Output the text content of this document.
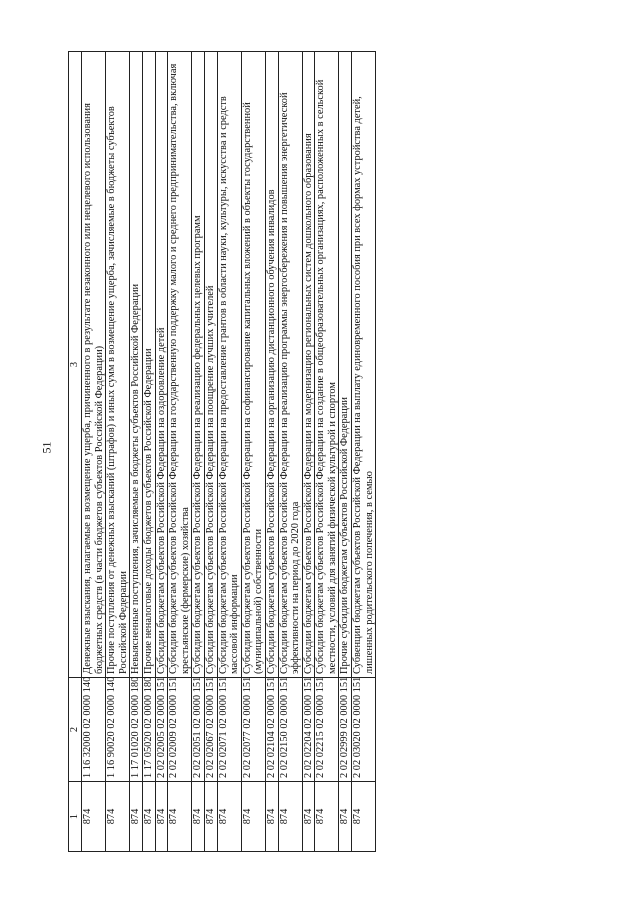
51
1	2	3
874	1 16 32000 02 0000 140	Денежные взыскания, налагаемые в возмещение ущерба, причиненного в результате незаконного или нецелевого использования бюджетных средств (в части бюджетов субъектов Российской Федерации)
874	1 16 90020 02 0000 140	Прочие поступления от денежных взысканий (штрафов) и иных сумм в возмещение ущерба, зачисляемые в бюджеты субъектов Российской Федерации
874	1 17 01020 02 0000 180	Невыясненные поступления, зачисляемые в бюджеты субъектов Российской Федерации
874	1 17 05020 02 0000 180	Прочие неналоговые доходы бюджетов субъектов Российской Федерации
874	2 02 02005 02 0000 151	Субсидии бюджетам субъектов Российской Федерации на оздоровление детей
874	2 02 02009 02 0000 151	Субсидии бюджетам субъектов Российской Федерации на государственную поддержку малого и среднего предпринимательства, включая крестьянские (фермерские) хозяйства
874	2 02 02051 02 0000 151	Субсидии бюджетам субъектов Российской Федерации на реализацию федеральных целевых программ
874	2 02 02067 02 0000 151	Субсидии бюджетам субъектов Российской Федерации на поощрение лучших учителей
874	2 02 02071 02 0000 151	Субсидии бюджетам субъектов Российской Федерации на предоставление грантов в области науки, культуры, искусства и средств массовой информации
874	2 02 02077 02 0000 151	Субсидии бюджетам субъектов Российской Федерации на софинансирование капитальных вложений в объекты государственной (муниципальной) собственности
874	2 02 02104 02 0000 151	Субсидии бюджетам субъектов Российской Федерации на организацию дистанционного обучения инвалидов
874	2 02 02150 02 0000 151	Субсидии бюджетам субъектов Российской Федерации на реализацию программы энергосбережения и повышения энергетической эффективности на период до 2020 года
874	2 02 02204 02 0000 151	Субсидии бюджетам субъектов Российской Федерации на модернизацию региональных систем дошкольного образования
874	2 02 02215 02 0000 151	Субсидии бюджетам субъектов Российской Федерации на создание в общеобразовательных организациях, расположенных в сельской местности, условий для занятий физической культурой и спортом
874	2 02 02999 02 0000 151	Прочие субсидии бюджетам субъектов Российской Федерации
874	2 02 03020 02 0000 151	Субвенции бюджетам субъектов Российской Федерации на выплату единовременного пособия при всех формах устройства детей, лишенных родительского попечения, в семью
